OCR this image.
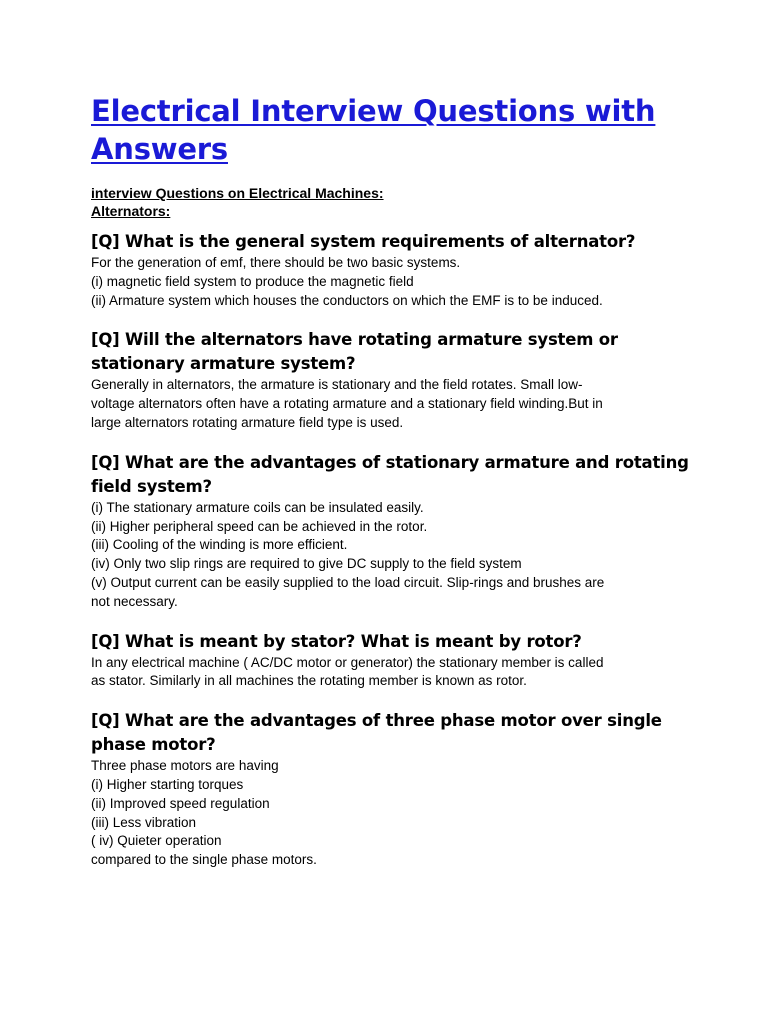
Electrical Interview Questions with Answers

interview Questions on Electrical Machines:

Alternators:

[Q] What is the general system requirements of alternator?

For the generation of emf, there should be two basic systems.
(i) magnetic field system to produce the magnetic field
(ii) Armature system which houses the conductors on which the EMF is to be induced.

[Q] Will the alternators have rotating armature system or stationary armature system?

Generally in alternators, the armature is stationary and the field rotates. Small low-
voltage alternators often have a rotating armature and a stationary field winding.But in
large alternators rotating armature field type is used.

[Q] What are the advantages of stationary armature and rotating field system?

(i) The stationary armature coils can be insulated easily.
(ii) Higher peripheral speed can be achieved in the rotor.
(iii) Cooling of the winding is more efficient.
(iv) Only two slip rings are required to give DC supply to the field system
(v) Output current can be easily supplied to the load circuit. Slip-rings and brushes are
not necessary.

[Q] What is meant by stator? What is meant by rotor?

In any electrical machine ( AC/DC motor or generator) the stationary member is called
as stator. Similarly in all machines the rotating member is known as rotor.

[Q] What are the advantages of three phase motor over single phase motor?

Three phase motors are having
(i) Higher starting torques
(ii) Improved speed regulation
(iii) Less vibration
( iv) Quieter operation
compared to the single phase motors.
